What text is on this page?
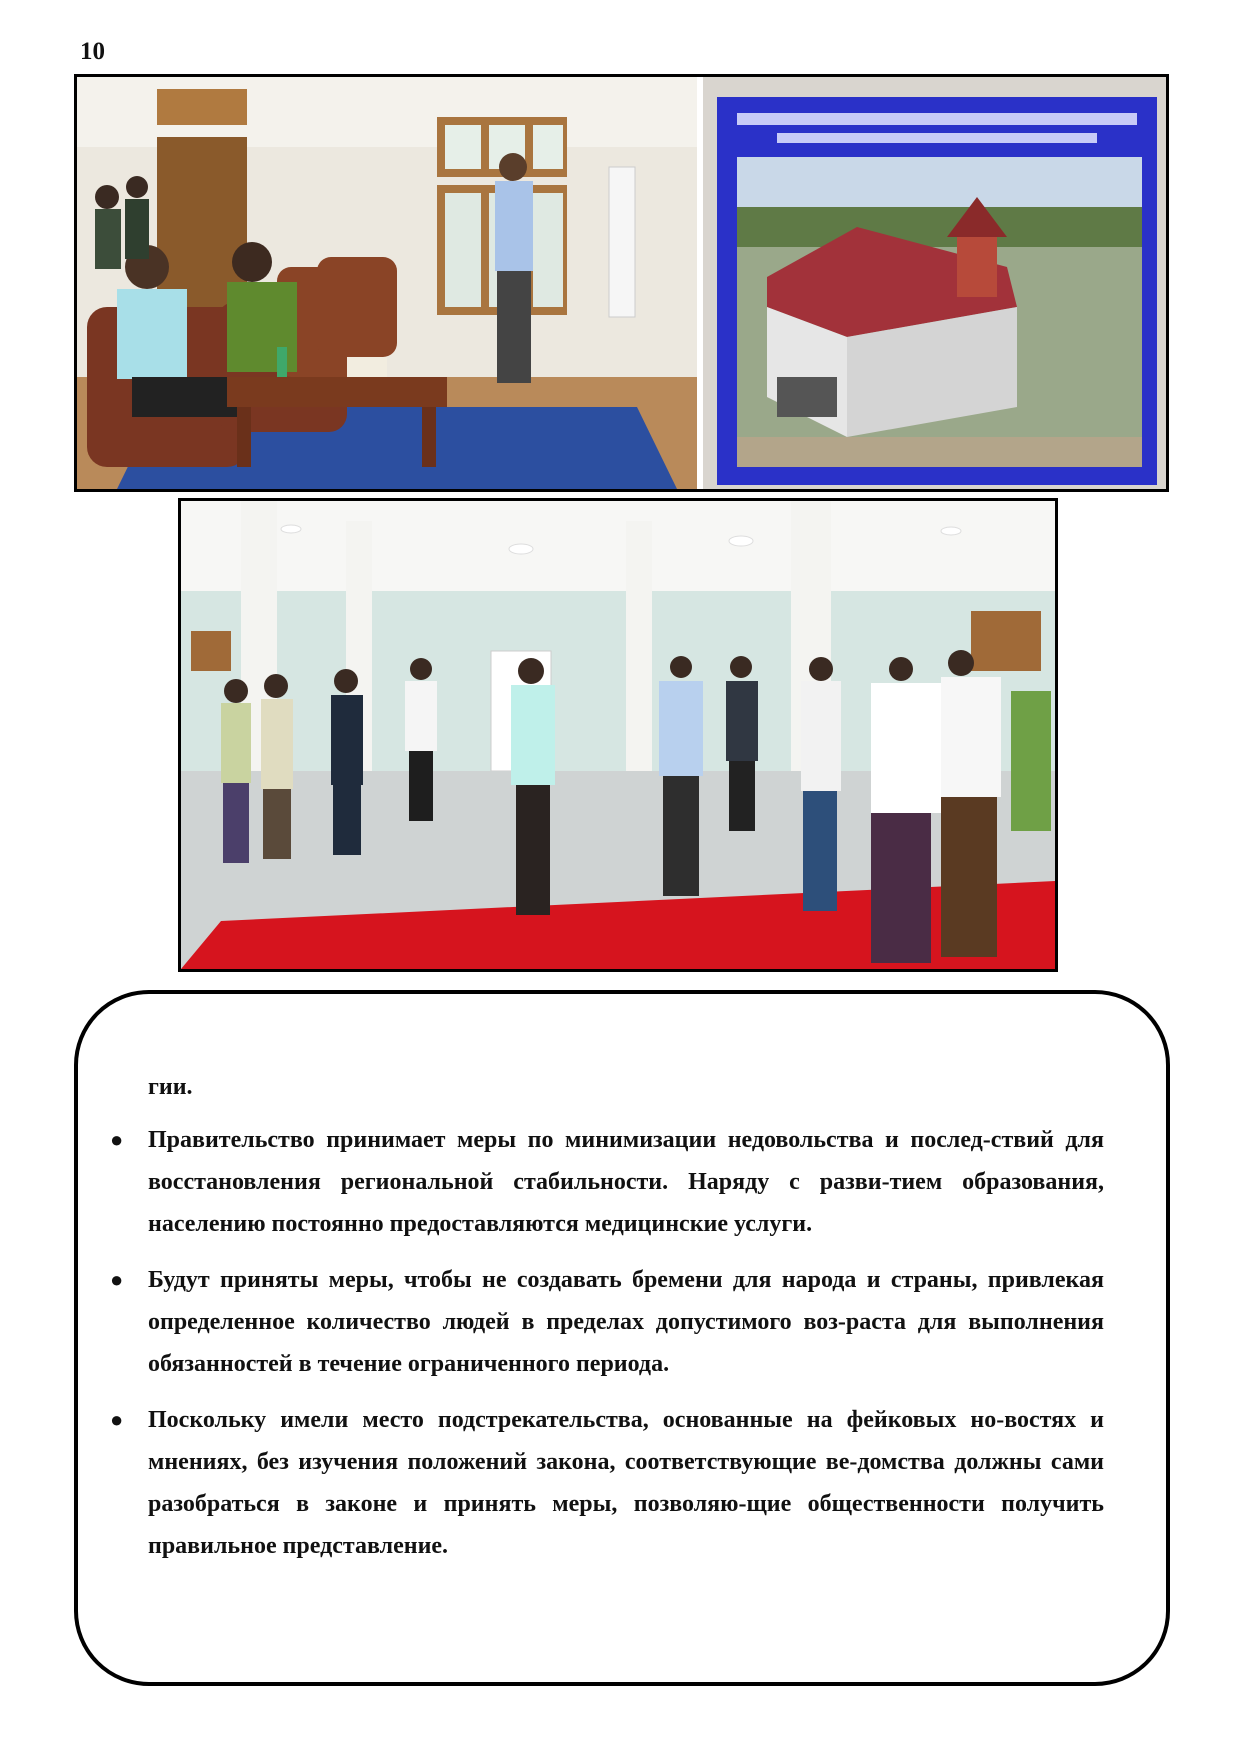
10
гии.
● Правительство принимает меры по минимизации недовольства и послед-ствий для восстановления региональной стабильности. Наряду с разви-тием образования, населению постоянно предоставляются медицинские услуги.
● Будут приняты меры, чтобы не создавать бремени для народа и страны, привлекая определенное количество людей в пределах допустимого воз-раста для выполнения обязанностей в течение ограниченного периода.
● Поскольку имели место подстрекательства, основанные на фейковых но-востях и мнениях, без изучения положений закона, соответствующие ве-домства должны сами разобраться в законе и принять меры, позволяю-щие общественности получить правильное представление.
